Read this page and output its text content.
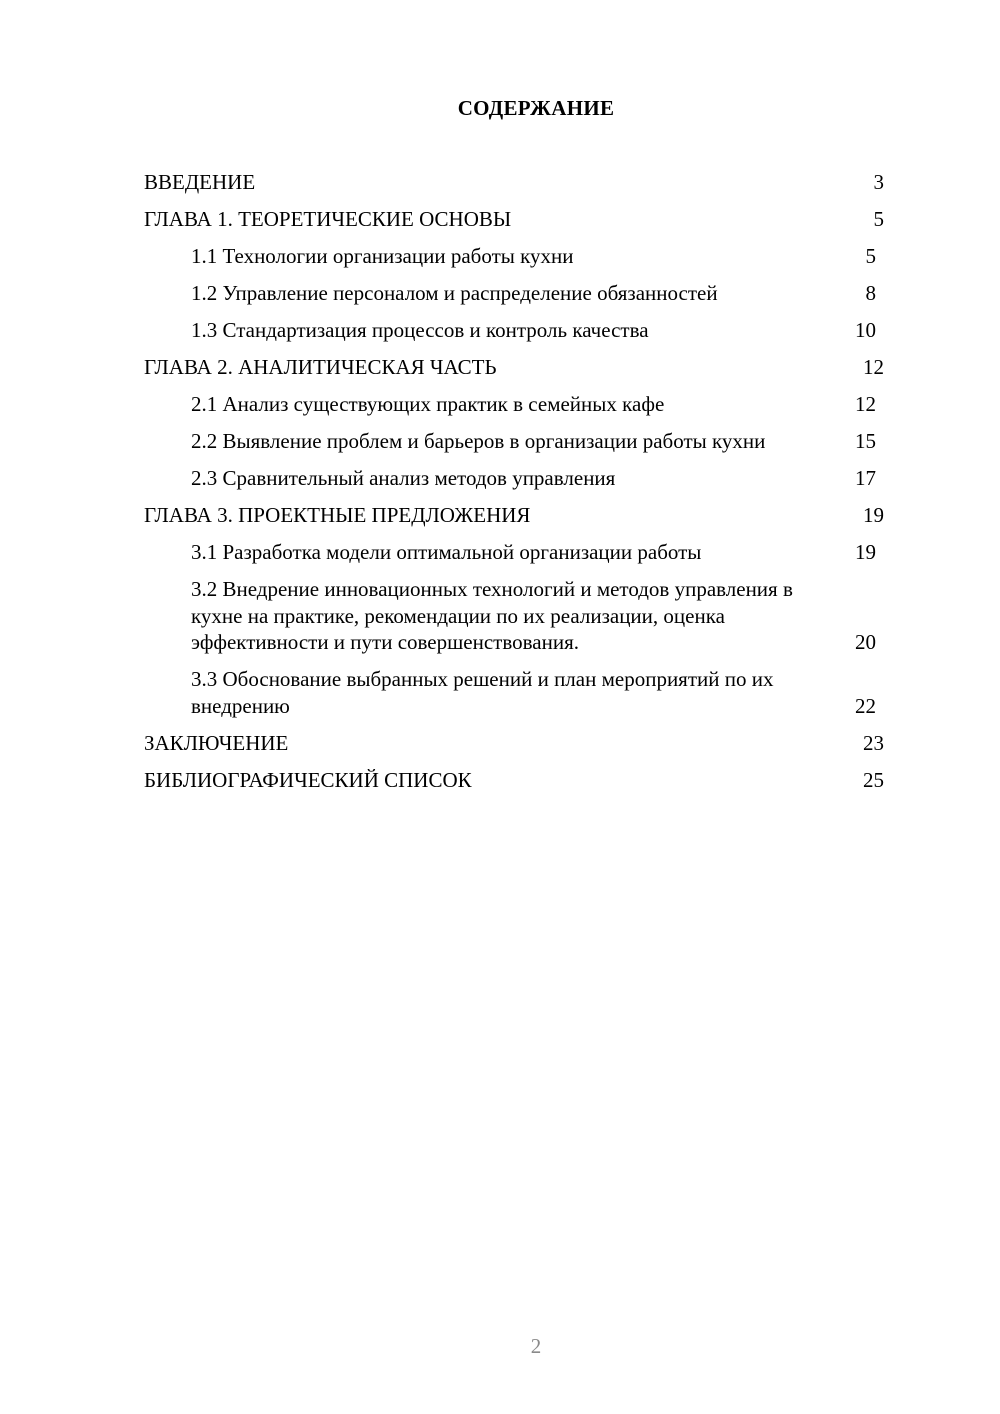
СОДЕРЖАНИЕ
ВВЕДЕНИЕ	3
ГЛАВА 1. ТЕОРЕТИЧЕСКИЕ ОСНОВЫ	5
1.1 Технологии организации работы кухни	5
1.2 Управление персоналом и распределение обязанностей	8
1.3 Стандартизация процессов и контроль качества	10
ГЛАВА 2. АНАЛИТИЧЕСКАЯ ЧАСТЬ	12
2.1 Анализ существующих практик в семейных кафе	12
2.2 Выявление проблем и барьеров в организации работы кухни	15
2.3 Сравнительный анализ методов управления	17
ГЛАВА 3. ПРОЕКТНЫЕ ПРЕДЛОЖЕНИЯ	19
3.1 Разработка модели оптимальной организации работы	19
3.2 Внедрение инновационных технологий и методов управления в кухне на практике, рекомендации по их реализации, оценка эффективности и пути совершенствования.	20
3.3 Обоснование выбранных решений и план мероприятий по их внедрению	22
ЗАКЛЮЧЕНИЕ	23
БИБЛИОГРАФИЧЕСКИЙ СПИСОК	25
2
